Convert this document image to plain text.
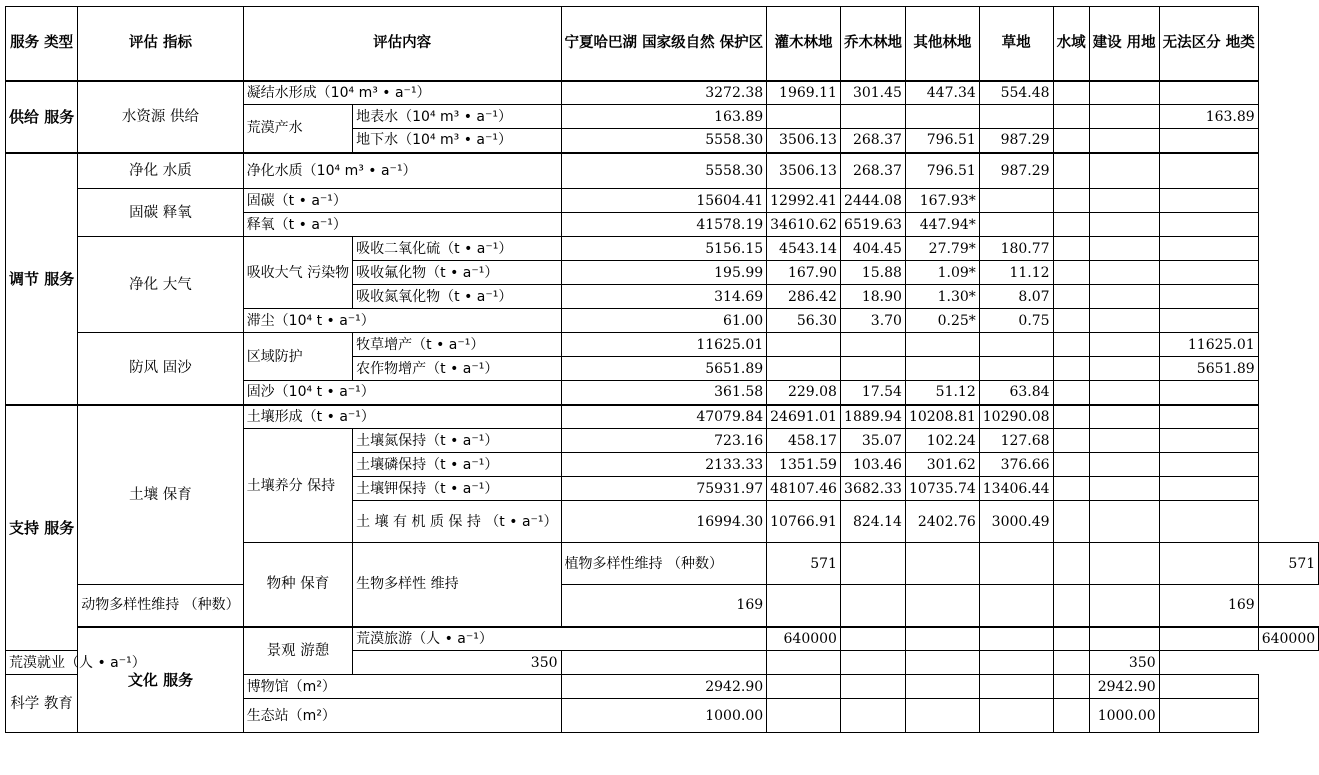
服务 类型	评估 指标	评估内容		宁夏哈巴湖 国家级自然 保护区	灌木林地	乔木林地	其他林地	草地	水域	建设 用地	无法区分 地类	
供给 服务	水资源 供给	凝结水形成（10⁴ m³ • a⁻¹）		3272.38	1969.11	301.45	447.34	554.48				
		荒漠产水	地表水（10⁴ m³ • a⁻¹）	163.89							163.89	
			地下水（10⁴ m³ • a⁻¹）	5558.30	3506.13	268.37	796.51	987.29				
调节 服务	净化 水质	净化水质（10⁴ m³ • a⁻¹）		5558.30	3506.13	268.37	796.51	987.29				
	固碳 释氧	固碳（t • a⁻¹）		15604.41	12992.41	2444.08	167.93*					
		释氧（t • a⁻¹）		41578.19	34610.62	6519.63	447.94*					
	净化 大气	吸收大气 污染物	吸收二氧化硫（t • a⁻¹）	5156.15	4543.14	404.45	27.79*	180.77				
			吸收氟化物（t • a⁻¹）	195.99	167.90	15.88	1.09*	11.12				
			吸收氮氧化物（t • a⁻¹）	314.69	286.42	18.90	1.30*	8.07				
		滞尘（10⁴ t • a⁻¹）		61.00	56.30	3.70	0.25*	0.75				
	防风 固沙	区域防护	牧草增产（t • a⁻¹）	11625.01							11625.01	
			农作物增产（t • a⁻¹）	5651.89							5651.89	
		固沙（10⁴ t • a⁻¹）		361.58	229.08	17.54	51.12	63.84				
支持 服务	土壤 保育	土壤形成（t • a⁻¹）		47079.84	24691.01	1889.94	10208.81	10290.08				
		土壤养分 保持	土壤氮保持（t • a⁻¹）	723.16	458.17	35.07	102.24	127.68				
			土壤磷保持（t • a⁻¹）	2133.33	1351.59	103.46	301.62	376.66				
			土壤钾保持（t • a⁻¹）	75931.97	48107.46	3682.33	10735.74	13406.44				
			土 壤 有 机 质 保 持 （t • a⁻¹）	16994.30	10766.91	824.14	2402.76	3000.49				
		物种 保育	生物多样性 维持	植物多样性维持 （种数）	571							571
	动物多样性维持 （种数）			169							169	
	文化 服务	景观 游憩	荒漠旅游（人 • a⁻¹）		640000							640000
荒漠就业（人 • a⁻¹）			350							350		
科学 教育		博物馆（m²）		2942.90						2942.90		
		生态站（m²）		1000.00						1000.00		
